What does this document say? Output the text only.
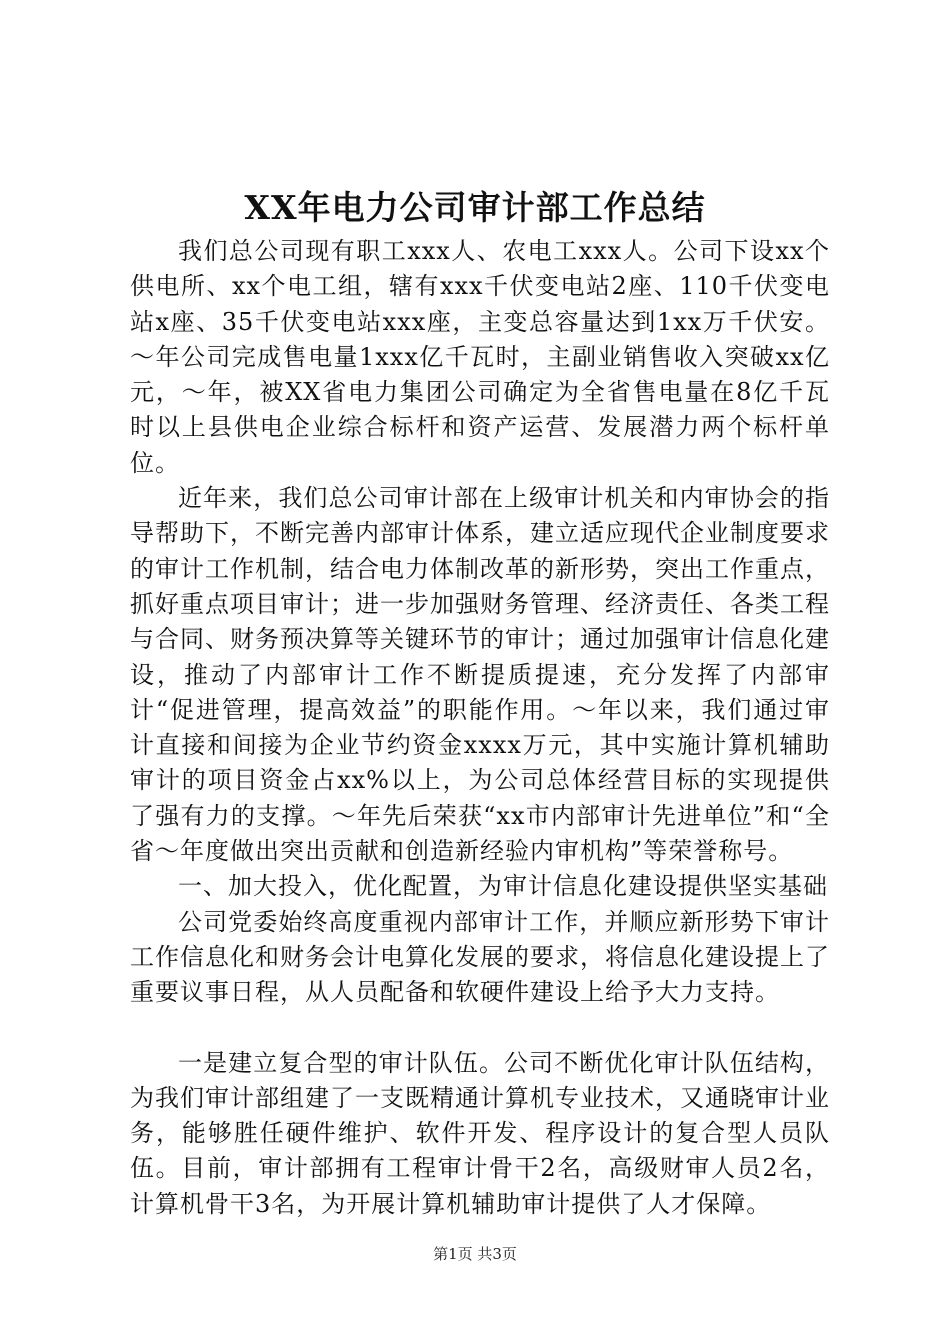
XX年电力公司审计部工作总结

我们总公司现有职工xxx人、农电工xxx人。公司下设xx个供电所、xx个电工组，辖有xxx千伏变电站2座、110千伏变电站x座、35千伏变电站xxx座，主变总容量达到1xx万千伏安。～年公司完成售电量1xxx亿千瓦时，主副业销售收入突破xx亿元，～年，被XX省电力集团公司确定为全省售电量在8亿千瓦时以上县供电企业综合标杆和资产运营、发展潜力两个标杆单位。

近年来，我们总公司审计部在上级审计机关和内审协会的指导帮助下，不断完善内部审计体系，建立适应现代企业制度要求的审计工作机制，结合电力体制改革的新形势，突出工作重点，抓好重点项目审计；进一步加强财务管理、经济责任、各类工程与合同、财务预决算等关键环节的审计；通过加强审计信息化建设，推动了内部审计工作不断提质提速，充分发挥了内部审计“促进管理，提高效益”的职能作用。～年以来，我们通过审计直接和间接为企业节约资金xxxx万元，其中实施计算机辅助审计的项目资金占xx%以上，为公司总体经营目标的实现提供了强有力的支撑。～年先后荣获“xx市内部审计先进单位”和“全省～年度做出突出贡献和创造新经验内审机构”等荣誉称号。

一、加大投入，优化配置，为审计信息化建设提供坚实基础

公司党委始终高度重视内部审计工作，并顺应新形势下审计工作信息化和财务会计电算化发展的要求，将信息化建设提上了重要议事日程，从人员配备和软硬件建设上给予大力支持。

一是建立复合型的审计队伍。公司不断优化审计队伍结构，为我们审计部组建了一支既精通计算机专业技术，又通晓审计业务，能够胜任硬件维护、软件开发、程序设计的复合型人员队伍。目前，审计部拥有工程审计骨干2名，高级财审人员2名，计算机骨干3名，为开展计算机辅助审计提供了人才保障。

第1页 共3页
